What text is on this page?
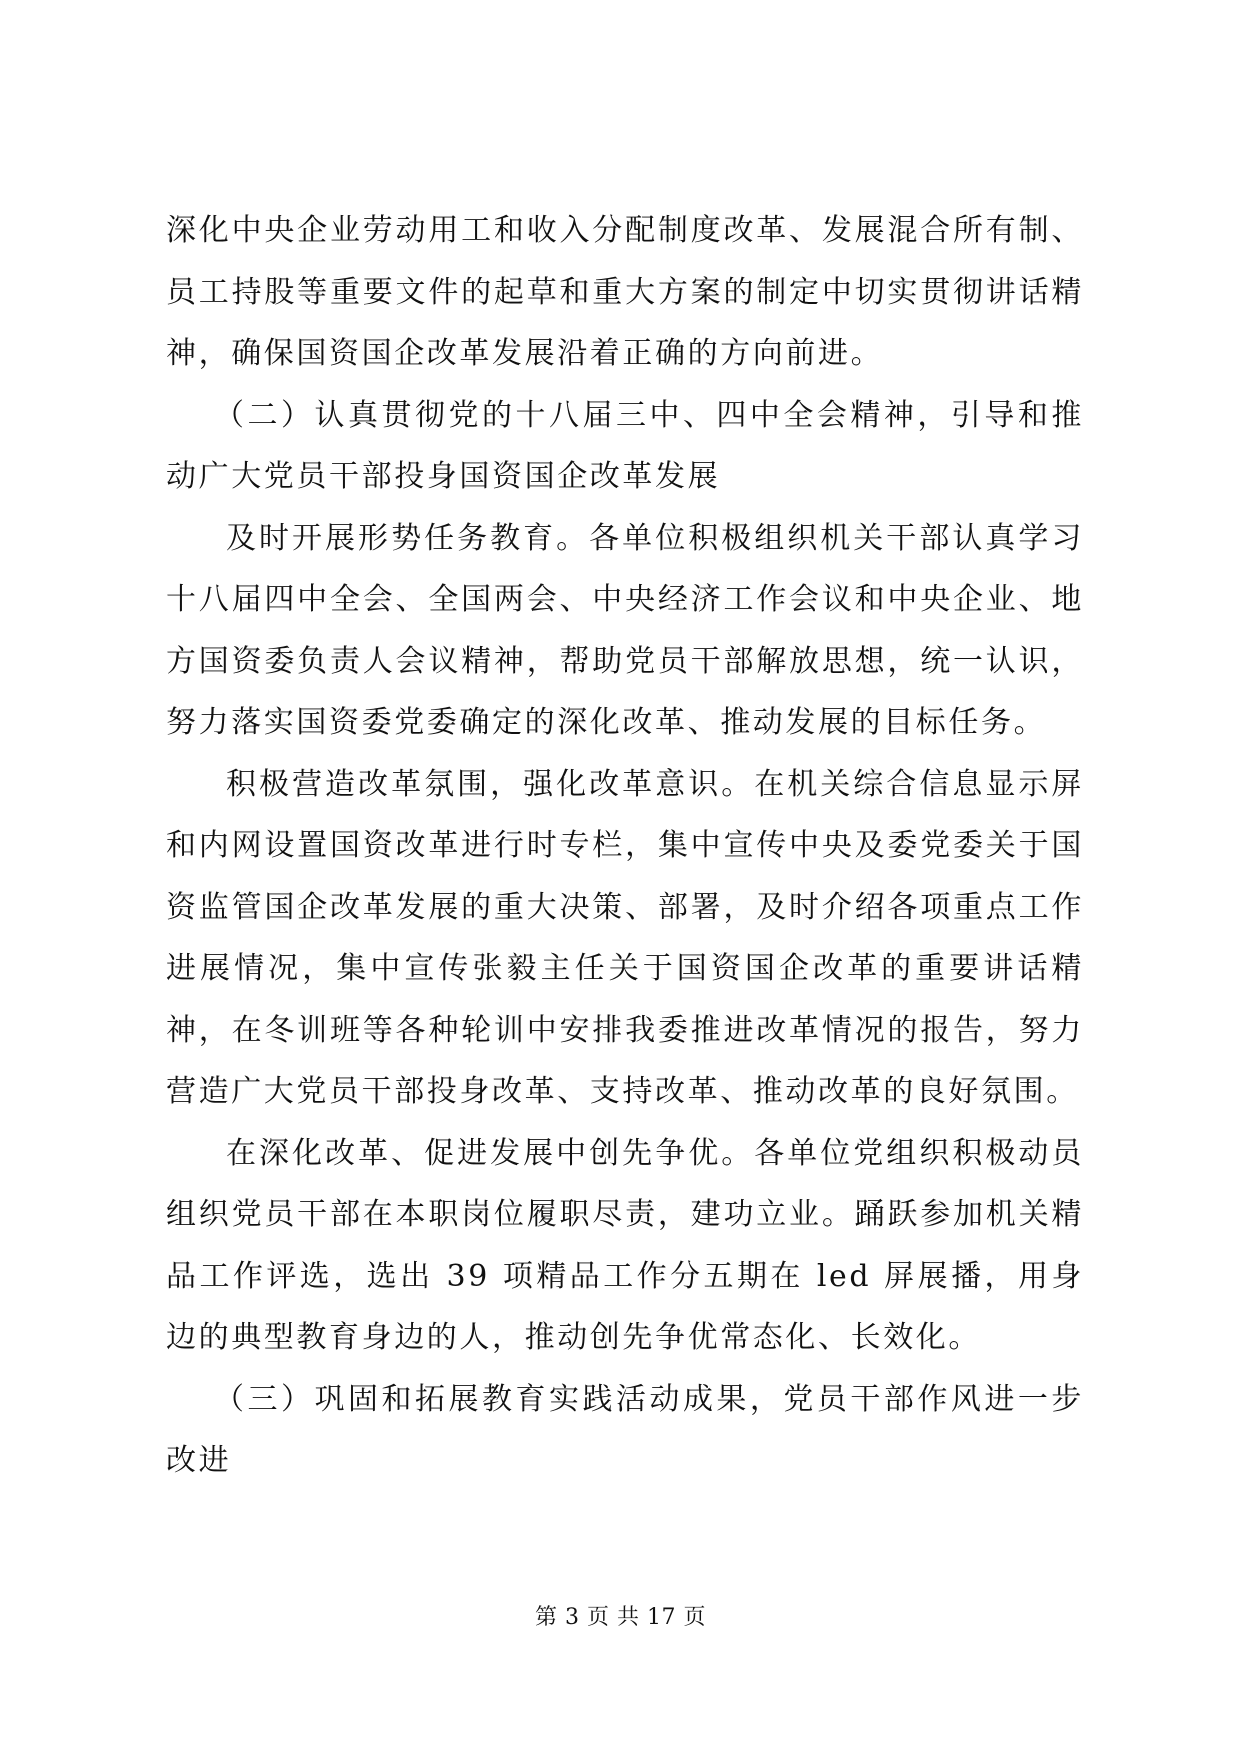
深化中央企业劳动用工和收入分配制度改革、发展混合所有制、员工持股等重要文件的起草和重大方案的制定中切实贯彻讲话精神，确保国资国企改革发展沿着正确的方向前进。

（二）认真贯彻党的十八届三中、四中全会精神，引导和推动广大党员干部投身国资国企改革发展

及时开展形势任务教育。各单位积极组织机关干部认真学习十八届四中全会、全国两会、中央经济工作会议和中央企业、地方国资委负责人会议精神，帮助党员干部解放思想，统一认识，努力落实国资委党委确定的深化改革、推动发展的目标任务。

积极营造改革氛围，强化改革意识。在机关综合信息显示屏和内网设置国资改革进行时专栏，集中宣传中央及委党委关于国资监管国企改革发展的重大决策、部署，及时介绍各项重点工作进展情况，集中宣传张毅主任关于国资国企改革的重要讲话精神，在冬训班等各种轮训中安排我委推进改革情况的报告，努力营造广大党员干部投身改革、支持改革、推动改革的良好氛围。

在深化改革、促进发展中创先争优。各单位党组织积极动员组织党员干部在本职岗位履职尽责，建功立业。踊跃参加机关精品工作评选，选出 39 项精品工作分五期在 led 屏展播，用身边的典型教育身边的人，推动创先争优常态化、长效化。

（三）巩固和拓展教育实践活动成果，党员干部作风进一步改进

第 3 页 共 17 页
